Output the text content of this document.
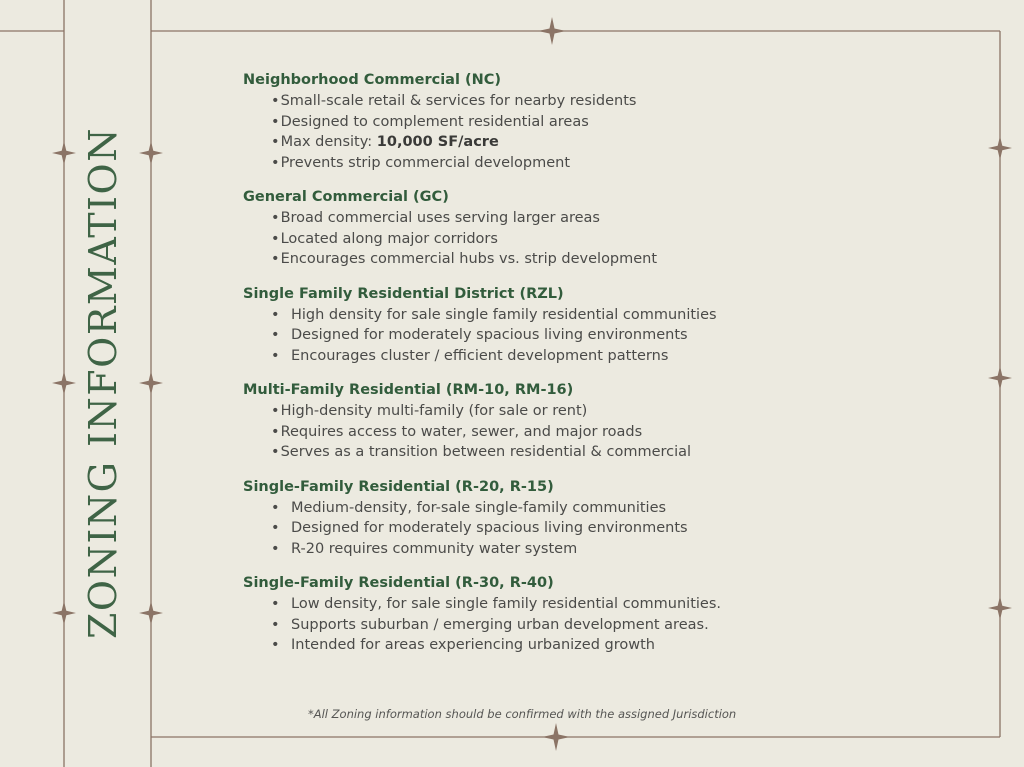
ZONING INFORMATION
Neighborhood Commercial (NC)
•Small-scale retail & services for nearby residents
•Designed to complement residential areas
•Max density: 10,000 SF/acre
•Prevents strip commercial development
General Commercial (GC)
•Broad commercial uses serving larger areas
•Located along major corridors
•Encourages commercial hubs vs. strip development
Single Family Residential District (RZL)
• High density for sale single family residential communities
• Designed for moderately spacious living environments
• Encourages cluster / efficient development patterns
Multi-Family Residential (RM-10, RM-16)
•High-density multi-family (for sale or rent)
•Requires access to water, sewer, and major roads
•Serves as a transition between residential & commercial
Single-Family Residential (R-20, R-15)
• Medium-density, for-sale single-family communities
• Designed for moderately spacious living environments
• R-20 requires community water system
Single-Family Residential (R-30, R-40)
• Low density, for sale single family residential communities.
• Supports suburban / emerging urban development areas.
• Intended for areas experiencing urbanized growth
*All Zoning information should be confirmed with the assigned Jurisdiction
